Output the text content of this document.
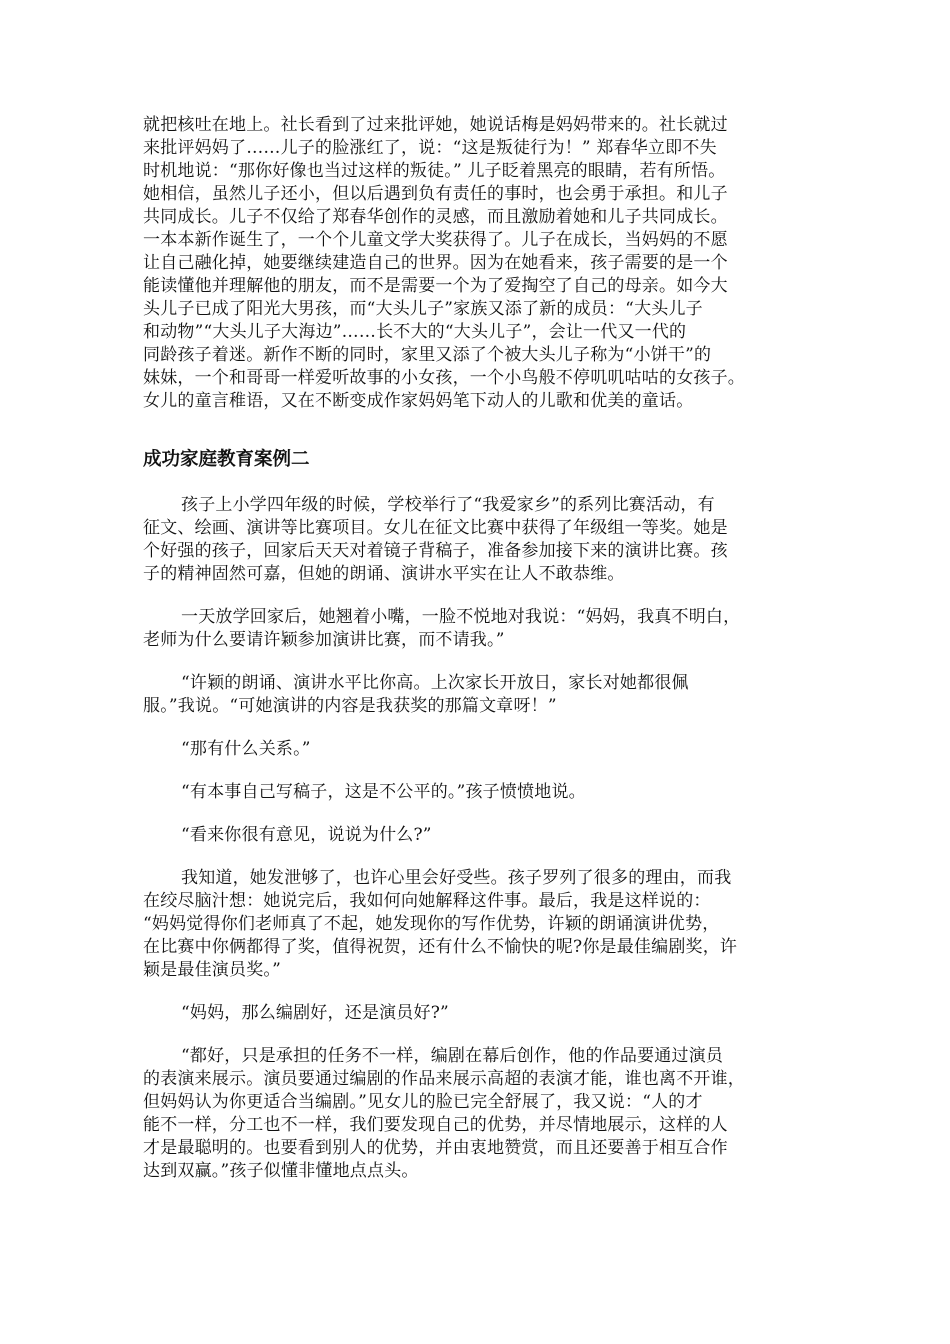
就把核吐在地上。社长看到了过来批评她，她说话梅是妈妈带来的。社长就过
来批评妈妈了……儿子的脸涨红了，说：“这是叛徒行为！” 郑春华立即不失
时机地说：“那你好像也当过这样的叛徒。” 儿子眨着黑亮的眼睛，若有所悟。
她相信，虽然儿子还小，但以后遇到负有责任的事时，也会勇于承担。和儿子
共同成长。儿子不仅给了郑春华创作的灵感，而且激励着她和儿子共同成长。
一本本新作诞生了，一个个儿童文学大奖获得了。儿子在成长，当妈妈的不愿
让自己融化掉，她要继续建造自己的世界。因为在她看来，孩子需要的是一个
能读懂他并理解他的朋友，而不是需要一个为了爱掏空了自己的母亲。如今大
头儿子已成了阳光大男孩，而“大头儿子”家族又添了新的成员：“大头儿子
和动物”“大头儿子大海边”……长不大的“大头儿子”，会让一代又一代的
同龄孩子着迷。新作不断的同时，家里又添了个被大头儿子称为“小饼干”的
妹妹，一个和哥哥一样爱听故事的小女孩，一个小鸟般不停叽叽咕咕的女孩子。
女儿的童言稚语，又在不断变成作家妈妈笔下动人的儿歌和优美的童话。
成功家庭教育案例二
孩子上小学四年级的时候，学校举行了“我爱家乡”的系列比赛活动，有
征文、绘画、演讲等比赛项目。女儿在征文比赛中获得了年级组一等奖。她是
个好强的孩子，回家后天天对着镜子背稿子，准备参加接下来的演讲比赛。孩
子的精神固然可嘉，但她的朗诵、演讲水平实在让人不敢恭维。
一天放学回家后，她翘着小嘴，一脸不悦地对我说：“妈妈，我真不明白，
老师为什么要请许颖参加演讲比赛，而不请我。”
“许颖的朗诵、演讲水平比你高。上次家长开放日，家长对她都很佩
服。”我说。“可她演讲的内容是我获奖的那篇文章呀！”
“那有什么关系。”
“有本事自己写稿子，这是不公平的。”孩子愤愤地说。
“看来你很有意见，说说为什么?”
我知道，她发泄够了，也许心里会好受些。孩子罗列了很多的理由，而我
在绞尽脑汁想：她说完后，我如何向她解释这件事。最后，我是这样说的：
“妈妈觉得你们老师真了不起，她发现你的写作优势，许颖的朗诵演讲优势，
在比赛中你俩都得了奖，值得祝贺，还有什么不愉快的呢?你是最佳编剧奖，许
颖是最佳演员奖。”
“妈妈，那么编剧好，还是演员好?”
“都好，只是承担的任务不一样，编剧在幕后创作，他的作品要通过演员
的表演来展示。演员要通过编剧的作品来展示高超的表演才能，谁也离不开谁，
但妈妈认为你更适合当编剧。”见女儿的脸已完全舒展了，我又说：“人的才
能不一样，分工也不一样，我们要发现自己的优势，并尽情地展示，这样的人
才是最聪明的。也要看到别人的优势，并由衷地赞赏，而且还要善于相互合作
达到双赢。”孩子似懂非懂地点点头。
